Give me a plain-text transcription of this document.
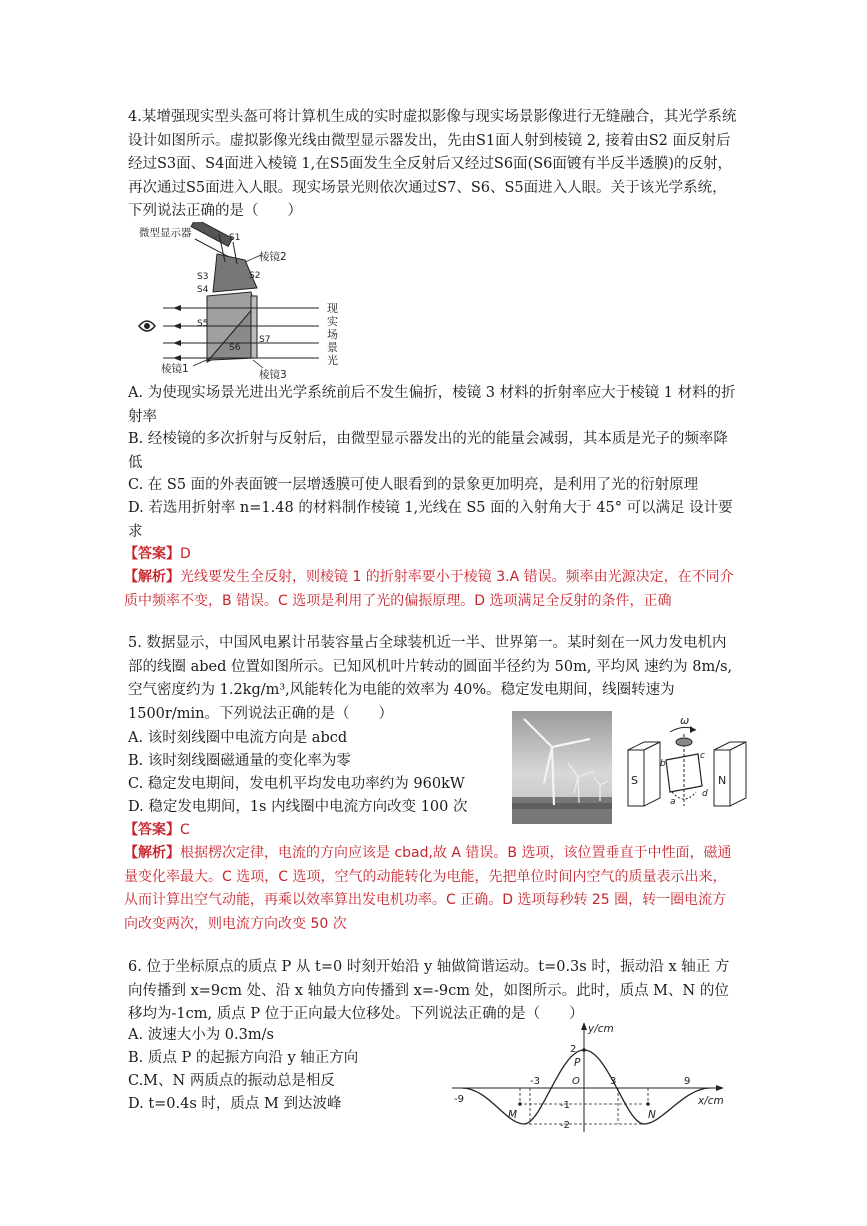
4.某增强现实型头盔可将计算机生成的实时虚拟影像与现实场景影像进行无缝融合，其光学系统设计如图所示。虚拟影像光线由微型显示器发出，先由S1面人射到棱镜 2, 接着由S2 面反射后经过S3面、S4面进入棱镜 1,在S5面发生全反射后又经过S6面(S6面镀有半反半透膜)的反射，再次通过S5面进入人眼。现实场景光则依次通过S7、S6、S5面进入人眼。关于该光学系统，下列说法正确的是（　　）
微型显示器
棱镜2
S1
S2
S3
S4
S5
S6
S7
现
实
场
景
光
棱镜1	棱镜3
A. 为使现实场景光进出光学系统前后不发生偏折，棱镜 3 材料的折射率应大于棱镜 1 材料的折射率
B. 经棱镜的多次折射与反射后，由微型显示器发出的光的能量会减弱，其本质是光子的频率降低
C. 在 S5 面的外表面镀一层增透膜可使人眼看到的景象更加明亮，是利用了光的衍射原理
D. 若选用折射率 n=1.48 的材料制作棱镜 1,光线在 S5 面的入射角大于 45° 可以满足 设计要求
【答案】D
【解析】光线要发生全反射，则棱镜 1 的折射率要小于棱镜 3.A 错误。频率由光源决定，在不同介质中频率不变，B 错误。C 选项是利用了光的偏振原理。D 选项满足全反射的条件，正确
5. 数据显示，中国风电累计吊装容量占全球装机近一半、世界第一。某时刻在一风力发电机内部的线圈 abed 位置如图所示。已知风机叶片转动的圆面半径约为 50m, 平均风 速约为 8m/s,空气密度约为 1.2kg/m³,风能转化为电能的效率为 40%。稳定发电期间，线圈转速为 1500r/min。下列说法正确的是（　　）
A. 该时刻线圈中电流方向是 abcd
B. 该时刻线圈磁通量的变化率为零
C. 稳定发电期间，发电机平均发电功率约为 960kW
D. 稳定发电期间，1s 内线圈中电流方向改变 100 次
ω
S	N
a
b
c
d
【答案】C
【解析】根据楞次定律，电流的方向应该是 cbad,故 A 错误。B 选项，该位置垂直于中性面，磁通量变化率最大。C 选项，C 选项，空气的动能转化为电能，先把单位时间内空气的质量表示出来，从而计算出空气动能，再乘以效率算出发电机功率。C 正确。D 选项每秒转 25 圈，转一圈电流方向改变两次，则电流方向改变 50 次
6. 位于坐标原点的质点 P 从 t=0 时刻开始沿 y 轴做简谐运动。t=0.3s 时，振动沿 x 轴正 方向传播到 x=9cm 处、沿 x 轴负方向传播到 x=-9cm 处，如图所示。此时，质点 M、N 的位移均为-1cm, 质点 P 位于正向最大位移处。下列说法正确的是（　　）
A. 波速大小为 0.3m/s
B. 质点 P 的起振方向沿 y 轴正方向
C.M、N 两质点的振动总是相反
D. t=0.4s 时，质点 M 到达波峰
y/cm
x/cm
-9
-3	O	3	9
2
-1
-2
P
M	N
